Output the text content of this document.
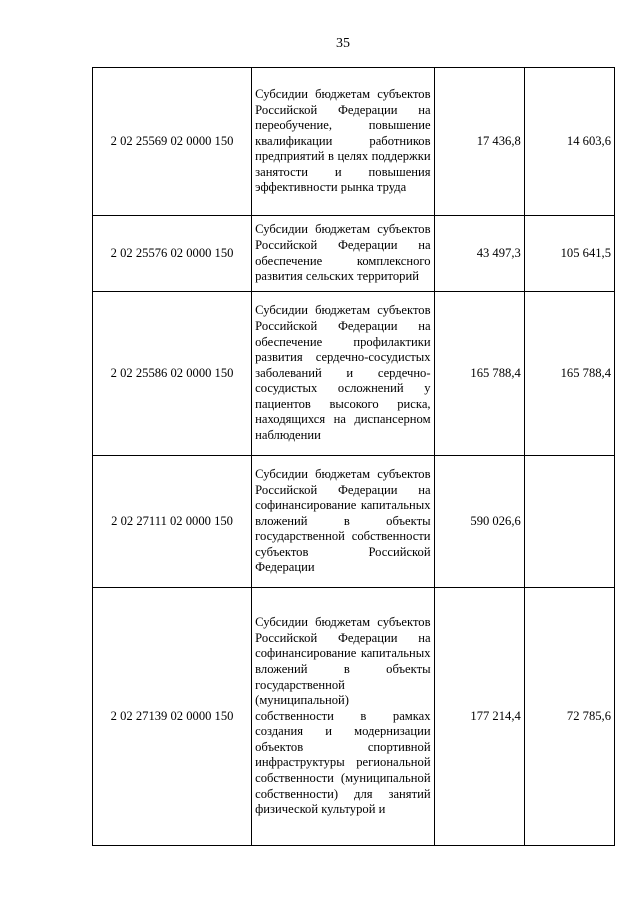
35
2 02 25569 02 0000 150	Субсидии бюджетам субъектов Российской Федерации на переобучение, повышение квалификации работников предприятий в целях поддержки занятости и повышения эффективности рынка труда	17 436,8	14 603,6
2 02 25576 02 0000 150	Субсидии бюджетам субъектов Российской Федерации на обеспечение комплексного развития сельских территорий	43 497,3	105 641,5
2 02 25586 02 0000 150	Субсидии бюджетам субъектов Российской Федерации на обеспечение профилактики развития сердечно-сосудистых заболеваний и сердечно-сосудистых осложнений у пациентов высокого риска, находящихся на диспансерном наблюдении	165 788,4	165 788,4
2 02 27111 02 0000 150	Субсидии бюджетам субъектов Российской Федерации на софинансирование капитальных вложений в объекты государственной собственности субъектов Российской Федерации	590 026,6	
2 02 27139 02 0000 150	Субсидии бюджетам субъектов Российской Федерации на софинансирование капитальных вложений в объекты государственной (муниципальной) собственности в рамках создания и модернизации объектов спортивной инфраструктуры региональной собственности (муниципальной собственности) для занятий физической культурой и	177 214,4	72 785,6
